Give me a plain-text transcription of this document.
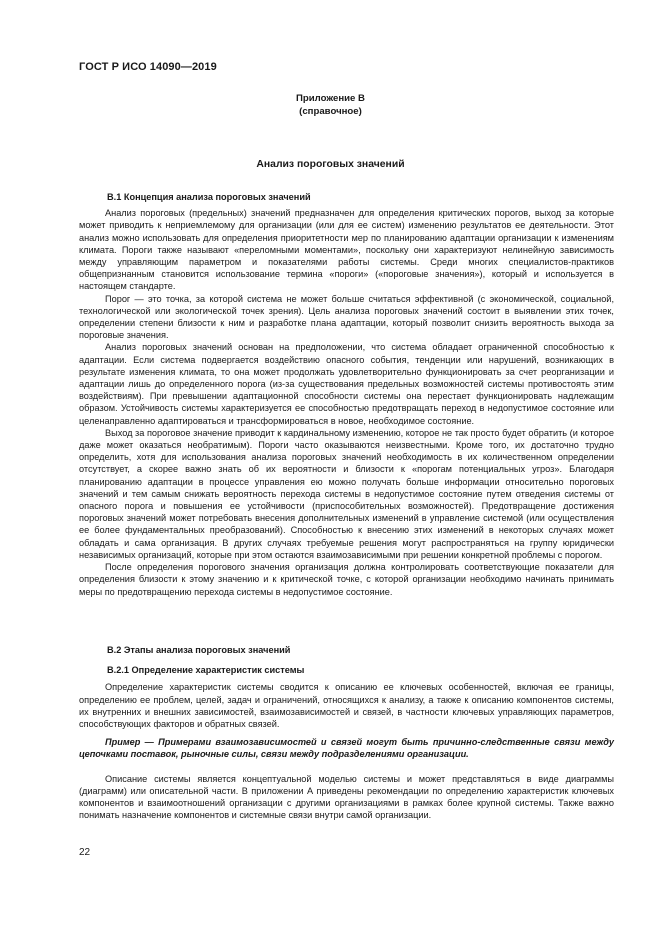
ГОСТ Р ИСО 14090—2019
Приложение В
(справочное)
Анализ пороговых значений
В.1 Концепция анализа пороговых значений

Анализ пороговых (предельных) значений предназначен для определения критических порогов, выход за которые может приводить к неприемлемому для организации (или для ее систем) изменению результатов ее деятельности. Этот анализ можно использовать для определения приоритетности мер по планированию адаптации организации к изменениям климата. Пороги также называют «переломными моментами», поскольку они характеризуют нелинейную зависимость между управляющим параметром и показателями работы системы. Среди многих специалистов-практиков общепризнанным становится использование термина «пороги» («пороговые значения»), который и используется в настоящем стандарте.

Порог — это точка, за которой система не может больше считаться эффективной (с экономической, социальной, технологической или экологической точек зрения). Цель анализа пороговых значений состоит в выявлении этих точек, определении степени близости к ним и разработке плана адаптации, который позволит снизить вероятность выхода за пороговые значения.

Анализ пороговых значений основан на предположении, что система обладает ограниченной способностью к адаптации. Если система подвергается воздействию опасного события, тенденции или нарушений, возникающих в результате изменения климата, то она может продолжать удовлетворительно функционировать за счет реорганизации и адаптации лишь до определенного порога (из-за существования предельных возможностей системы противостоять этим воздействиям). При превышении адаптационной способности системы она перестает функционировать надлежащим образом. Устойчивость системы характеризуется ее способностью предотвращать переход в недопустимое состояние или целенаправленно адаптироваться и трансформироваться в новое, необходимое состояние.

Выход за пороговое значение приводит к кардинальному изменению, которое не так просто будет обратить (и которое даже может оказаться необратимым). Пороги часто оказываются неизвестными. Кроме того, их достаточно трудно определить, хотя для использования анализа пороговых значений необходимость в их количественном определении отсутствует, а скорее важно знать об их вероятности и близости к «порогам потенциальных угроз». Благодаря планированию адаптации в процессе управления ею можно получать больше информации относительно пороговых значений и тем самым снижать вероятность перехода системы в недопустимое состояние путем отведения системы от опасного порога и повышения ее устойчивости (приспособительных возможностей). Предотвращение достижения пороговых значений может потребовать внесения дополнительных изменений в управление системой (или осуществления ее более фундаментальных преобразований). Способностью к внесению этих изменений в некоторых случаях может обладать и сама организация. В других случаях требуемые решения могут распространяться на группу юридически независимых организаций, которые при этом остаются взаимозависимыми при решении конкретной проблемы с порогом.

После определения порогового значения организация должна контролировать соответствующие показатели для определения близости к этому значению и к критической точке, с которой организации необходимо начинать принимать меры по предотвращению перехода системы в недопустимое состояние.

В.2 Этапы анализа пороговых значений
В.2.1 Определение характеристик системы

Определение характеристик системы сводится к описанию ее ключевых особенностей, включая ее границы, определению ее проблем, целей, задач и ограничений, относящихся к анализу, а также к описанию компонентов системы, их внутренних и внешних зависимостей, взаимозависимостей и связей, в частности ключевых управляющих параметров, способствующих факторов и обратных связей.

Пример — Примерами взаимозависимостей и связей могут быть причинно-следственные связи между цепочками поставок, рыночные силы, связи между подразделениями организации.

Описание системы является концептуальной моделью системы и может представляться в виде диаграммы (диаграмм) или описательной части. В приложении А приведены рекомендации по определению характеристик ключевых компонентов и взаимоотношений организации с другими организациями в рамках более крупной системы. Также важно понимать назначение компонентов и системные связи внутри самой организации.

22
